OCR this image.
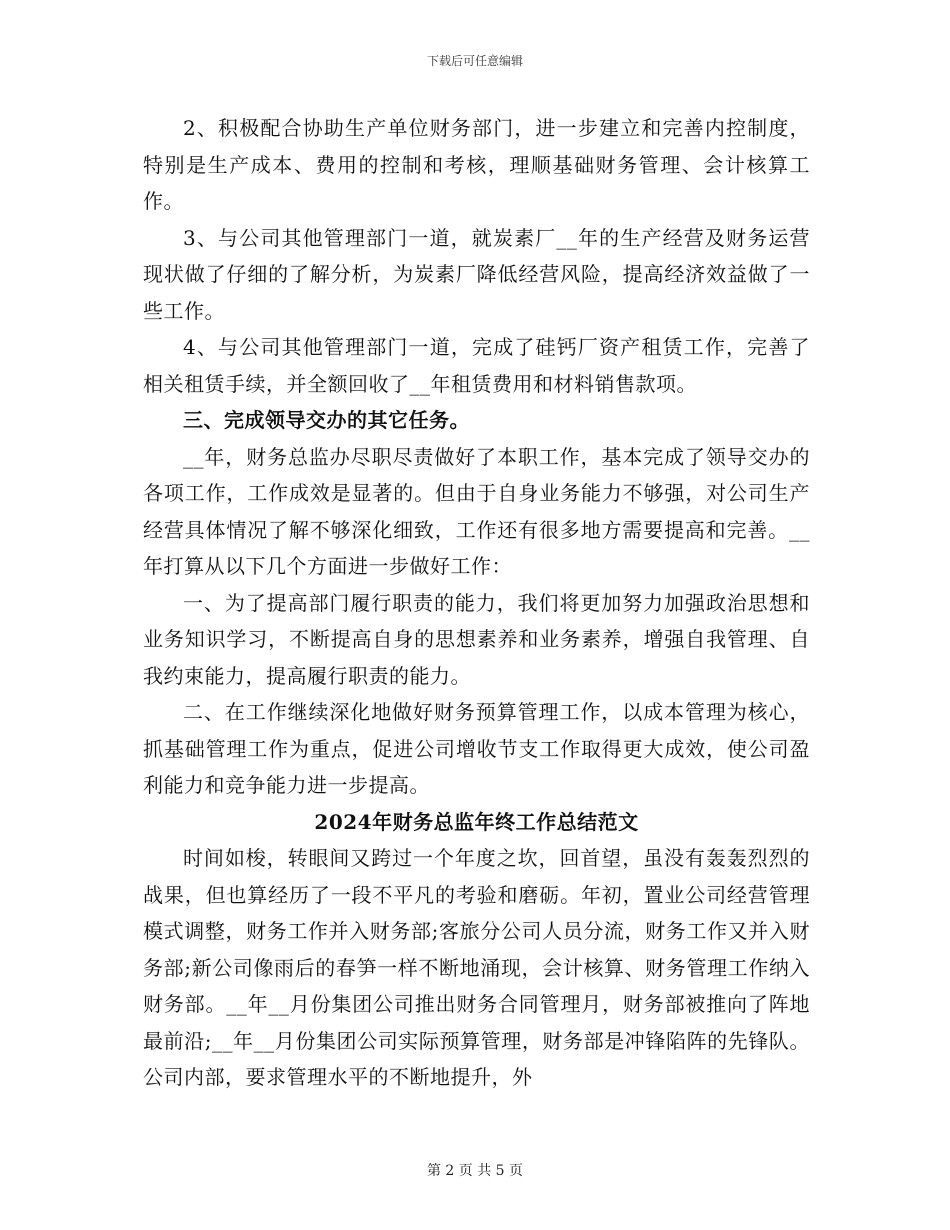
下载后可任意编辑

2、积极配合协助生产单位财务部门，进一步建立和完善内控制度，特别是生产成本、费用的控制和考核，理顺基础财务管理、会计核算工作。

3、与公司其他管理部门一道，就炭素厂__年的生产经营及财务运营现状做了仔细的了解分析，为炭素厂降低经营风险，提高经济效益做了一些工作。

4、与公司其他管理部门一道，完成了硅钙厂资产租赁工作，完善了相关租赁手续，并全额回收了__年租赁费用和材料销售款项。

三、完成领导交办的其它任务。

__年，财务总监办尽职尽责做好了本职工作，基本完成了领导交办的各项工作，工作成效是显著的。但由于自身业务能力不够强，对公司生产经营具体情况了解不够深化细致，工作还有很多地方需要提高和完善。__年打算从以下几个方面进一步做好工作：

一、为了提高部门履行职责的能力，我们将更加努力加强政治思想和业务知识学习，不断提高自身的思想素养和业务素养，增强自我管理、自我约束能力，提高履行职责的能力。

二、在工作继续深化地做好财务预算管理工作，以成本管理为核心，抓基础管理工作为重点，促进公司增收节支工作取得更大成效，使公司盈利能力和竞争能力进一步提高。

2024年财务总监年终工作总结范文

时间如梭，转眼间又跨过一个年度之坎，回首望，虽没有轰轰烈烈的战果，但也算经历了一段不平凡的考验和磨砺。年初，置业公司经营管理模式调整，财务工作并入财务部;客旅分公司人员分流，财务工作又并入财务部;新公司像雨后的春笋一样不断地涌现，会计核算、财务管理工作纳入财务部。__年__月份集团公司推出财务合同管理月，财务部被推向了阵地最前沿;__年__月份集团公司实际预算管理，财务部是冲锋陷阵的先锋队。公司内部，要求管理水平的不断地提升，外

第 2 页 共 5 页
